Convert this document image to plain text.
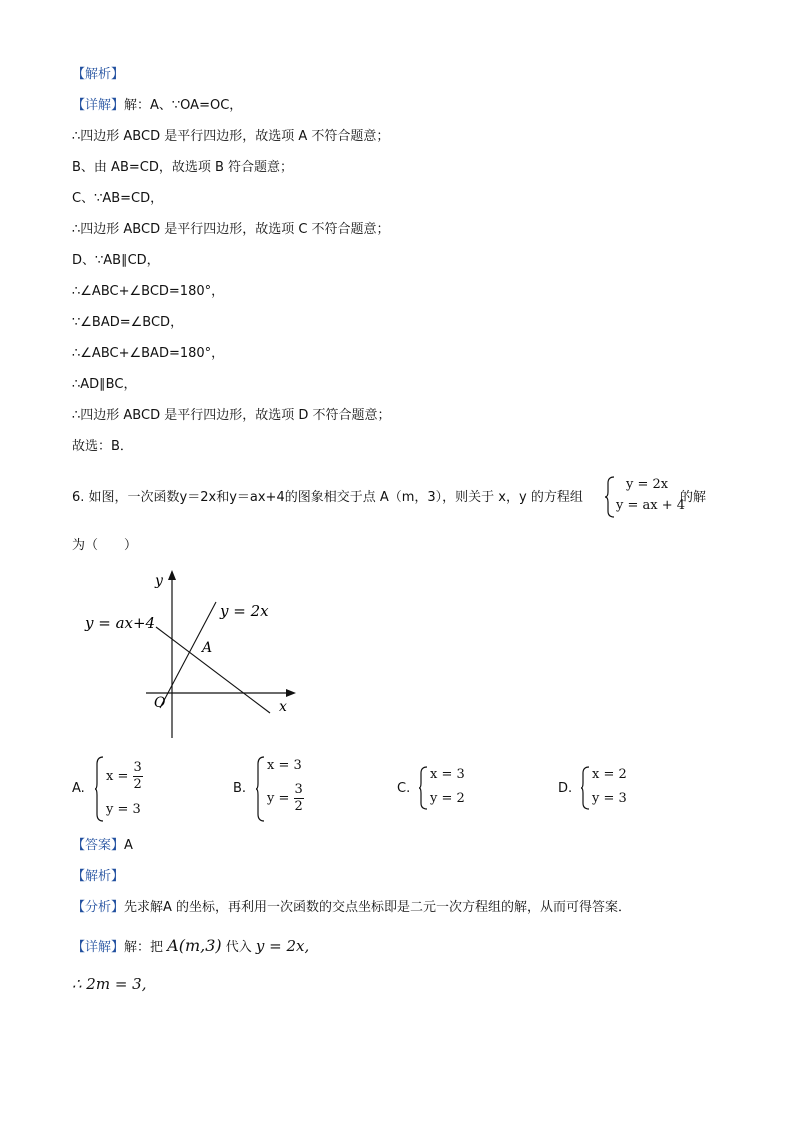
【解析】
【详解】解：A、∵OA=OC，
∴四边形 ABCD 是平行四边形，故选项 A 不符合题意；
B、由 AB=CD，故选项 B 符合题意；
C、∵AB=CD，
∴四边形 ABCD 是平行四边形，故选项 C 不符合题意；
D、∵AB∥CD，
∴∠ABC+∠BCD=180°，
∵∠BAD=∠BCD，
∴∠ABC+∠BAD=180°，
∴AD∥BC，
∴四边形 ABCD 是平行四边形，故选项 D 不符合题意；
故选：B．
6. 如图，一次函数y＝2x和y＝ax+4的图象相交于点 A（m，3），则关于 x，y 的方程组
y = 2x
y = ax + 4
的解
为（　　）
y
x
O
A
y = 2x
y = ax+4
A.
$x = \frac{3}{2}$
y = 3
B.
x = 3
$y = \frac{3}{2}$	C.
x = 3
y = 2
D.
x = 2
y = 3
【答案】A
【解析】
【分析】先求解A 的坐标，再利用一次函数的交点坐标即是二元一次方程组的解，从而可得答案．
【详解】解：把 A(m,3) 代入 y = 2x,
∴ 2m = 3,
